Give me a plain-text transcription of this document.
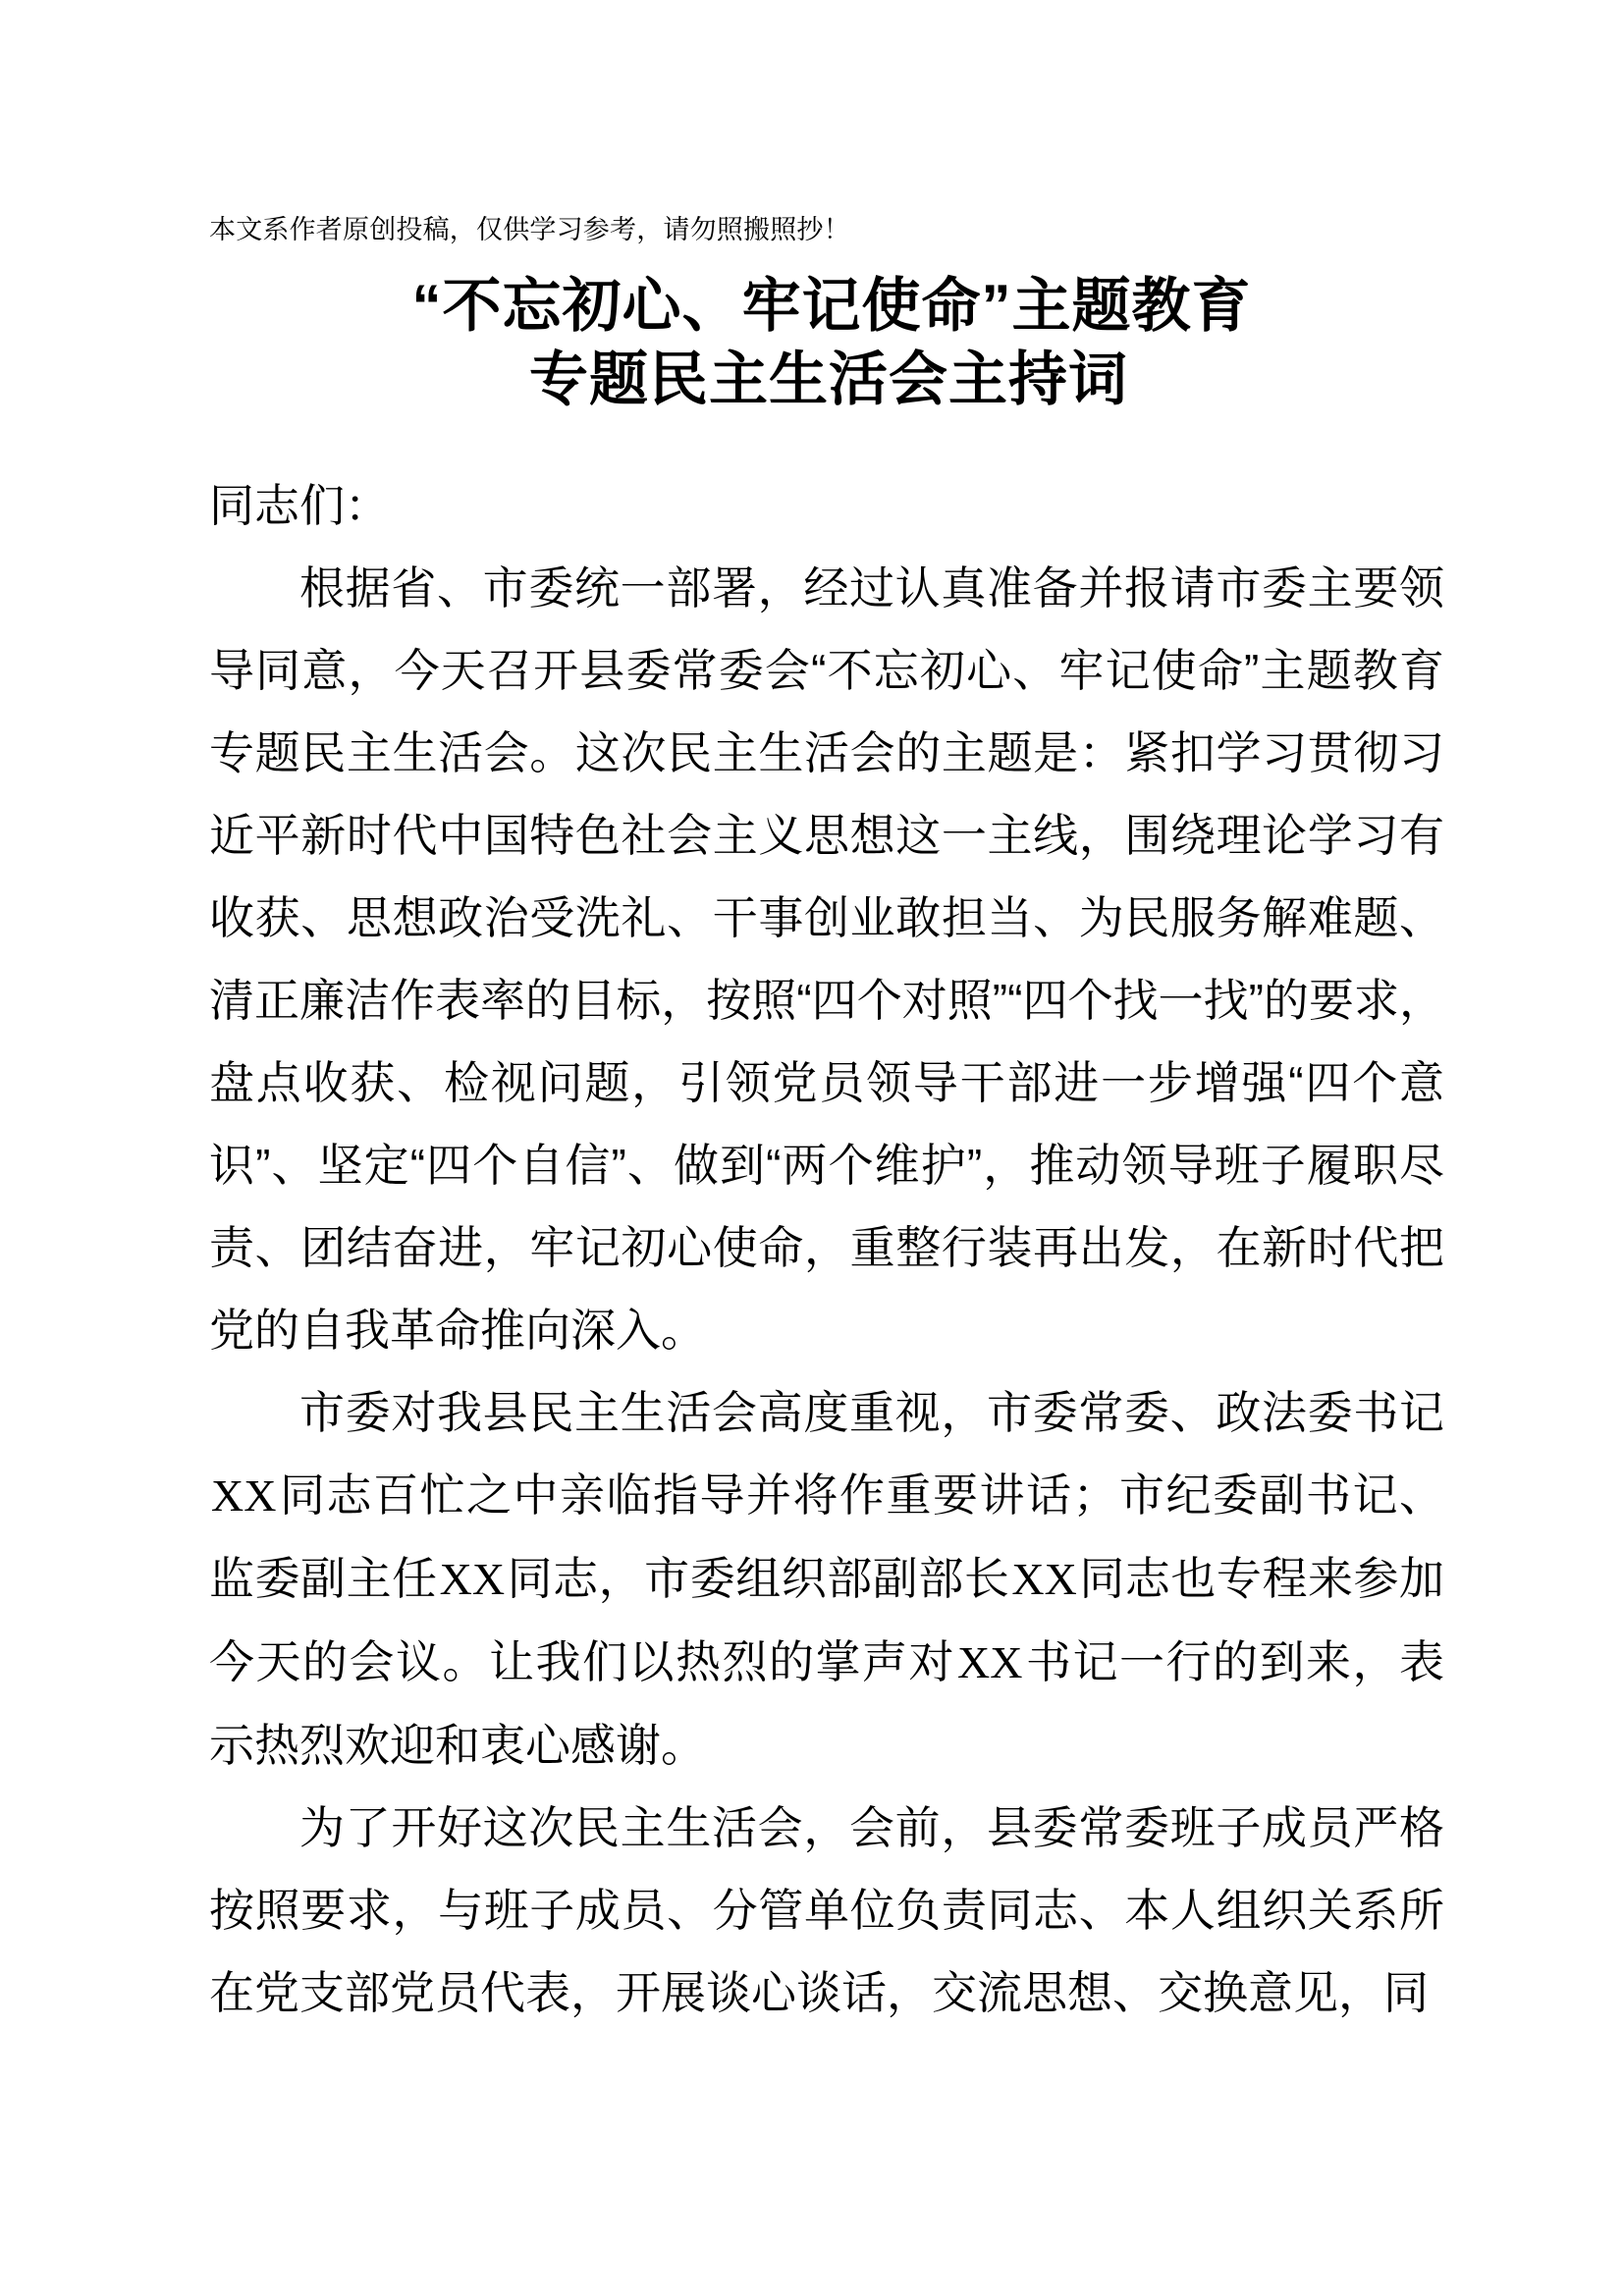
本文系作者原创投稿，仅供学习参考，请勿照搬照抄！
“不忘初心、牢记使命”主题教育
专题民主生活会主持词

同志们：

根据省、市委统一部署，经过认真准备并报请市委主要领导同意，今天召开县委常委会“不忘初心、牢记使命”主题教育专题民主生活会。这次民主生活会的主题是：紧扣学习贯彻习近平新时代中国特色社会主义思想这一主线，围绕理论学习有收获、思想政治受洗礼、干事创业敢担当、为民服务解难题、清正廉洁作表率的目标，按照“四个对照”“四个找一找”的要求，盘点收获、检视问题，引领党员领导干部进一步增强“四个意识”、坚定“四个自信”、做到“两个维护”，推动领导班子履职尽责、团结奋进，牢记初心使命，重整行装再出发，在新时代把党的自我革命推向深入。

市委对我县民主生活会高度重视，市委常委、政法委书记XX同志百忙之中亲临指导并将作重要讲话；市纪委副书记、监委副主任XX同志，市委组织部副部长XX同志也专程来参加今天的会议。让我们以热烈的掌声对XX书记一行的到来，表示热烈欢迎和衷心感谢。

为了开好这次民主生活会，会前，县委常委班子成员严格按照要求，与班子成员、分管单位负责同志、本人组织关系所在党支部党员代表，开展谈心谈话，交流思想、交换意见，同
